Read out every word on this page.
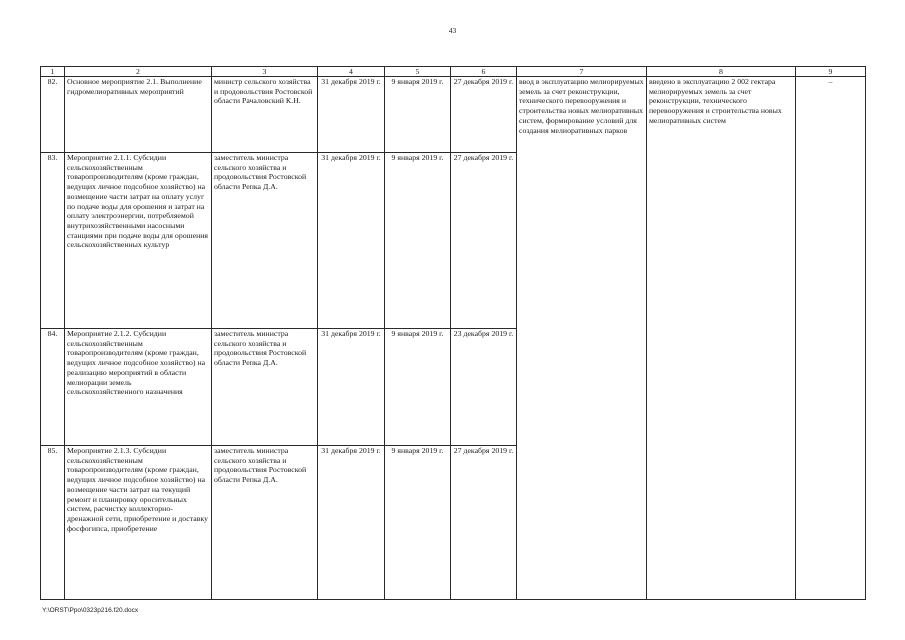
43
1	2	3	4	5	6	7	8	9
82.	Основное мероприятие 2.1. Выполнение гидромелиоративных мероприятий	министр сельского хозяйства и продовольствия Ростовской области Рачаловский К.Н.	31 декабря 2019 г.	9 января 2019 г.	27 декабря 2019 г.	ввод в эксплуатацию мелиорируемых земель за счет реконструкции, технического перевооружения и строительства новых мелиоративных систем, формирование условий для создания мелиоративных парков	введено в эксплуатацию 2 002 гектара мелиорируемых земель за счет реконструкции, технического перевооружения и строительства новых мелиоративных систем	–
83.	Мероприятие 2.1.1. Субсидии сельскохозяйственным товаропроизводителям (кроме граждан, ведущих личное подсобное хозяйство) на возмещение части затрат на оплату услуг по подаче воды для орошения и затрат на оплату электроэнергии, потребляемой внутрихозяйственными насосными станциями при подаче воды для орошения сельскохозяйственных культур	заместитель министра сельского хозяйства и продовольствия Ростовской области Репка Д.А.	31 декабря 2019 г.	9 января 2019 г.	27 декабря 2019 г.			
84.	Мероприятие 2.1.2. Субсидии сельскохозяйственным товаропроизводителям (кроме граждан, ведущих личное подсобное хозяйство) на реализацию мероприятий в области мелиорации земель сельскохозяйственного назначения	заместитель министра сельского хозяйства и продовольствия Ростовской области Репка Д.А.	31 декабря 2019 г.	9 января 2019 г.	23 декабря 2019 г.			
85.	Мероприятие 2.1.3. Субсидии сельскохозяйственным товаропроизводителям (кроме граждан, ведущих личное подсобное хозяйство) на возмещение части затрат на текущий ремонт и планировку оросительных систем, расчистку коллекторно-дренажной сети, приобретение и доставку фосфогипса, приобретение	заместитель министра сельского хозяйства и продовольствия Ростовской области Репка Д.А.	31 декабря 2019 г.	9 января 2019 г.	27 декабря 2019 г.			
Y:\ORST\Ppo\0323p216.f20.docx
